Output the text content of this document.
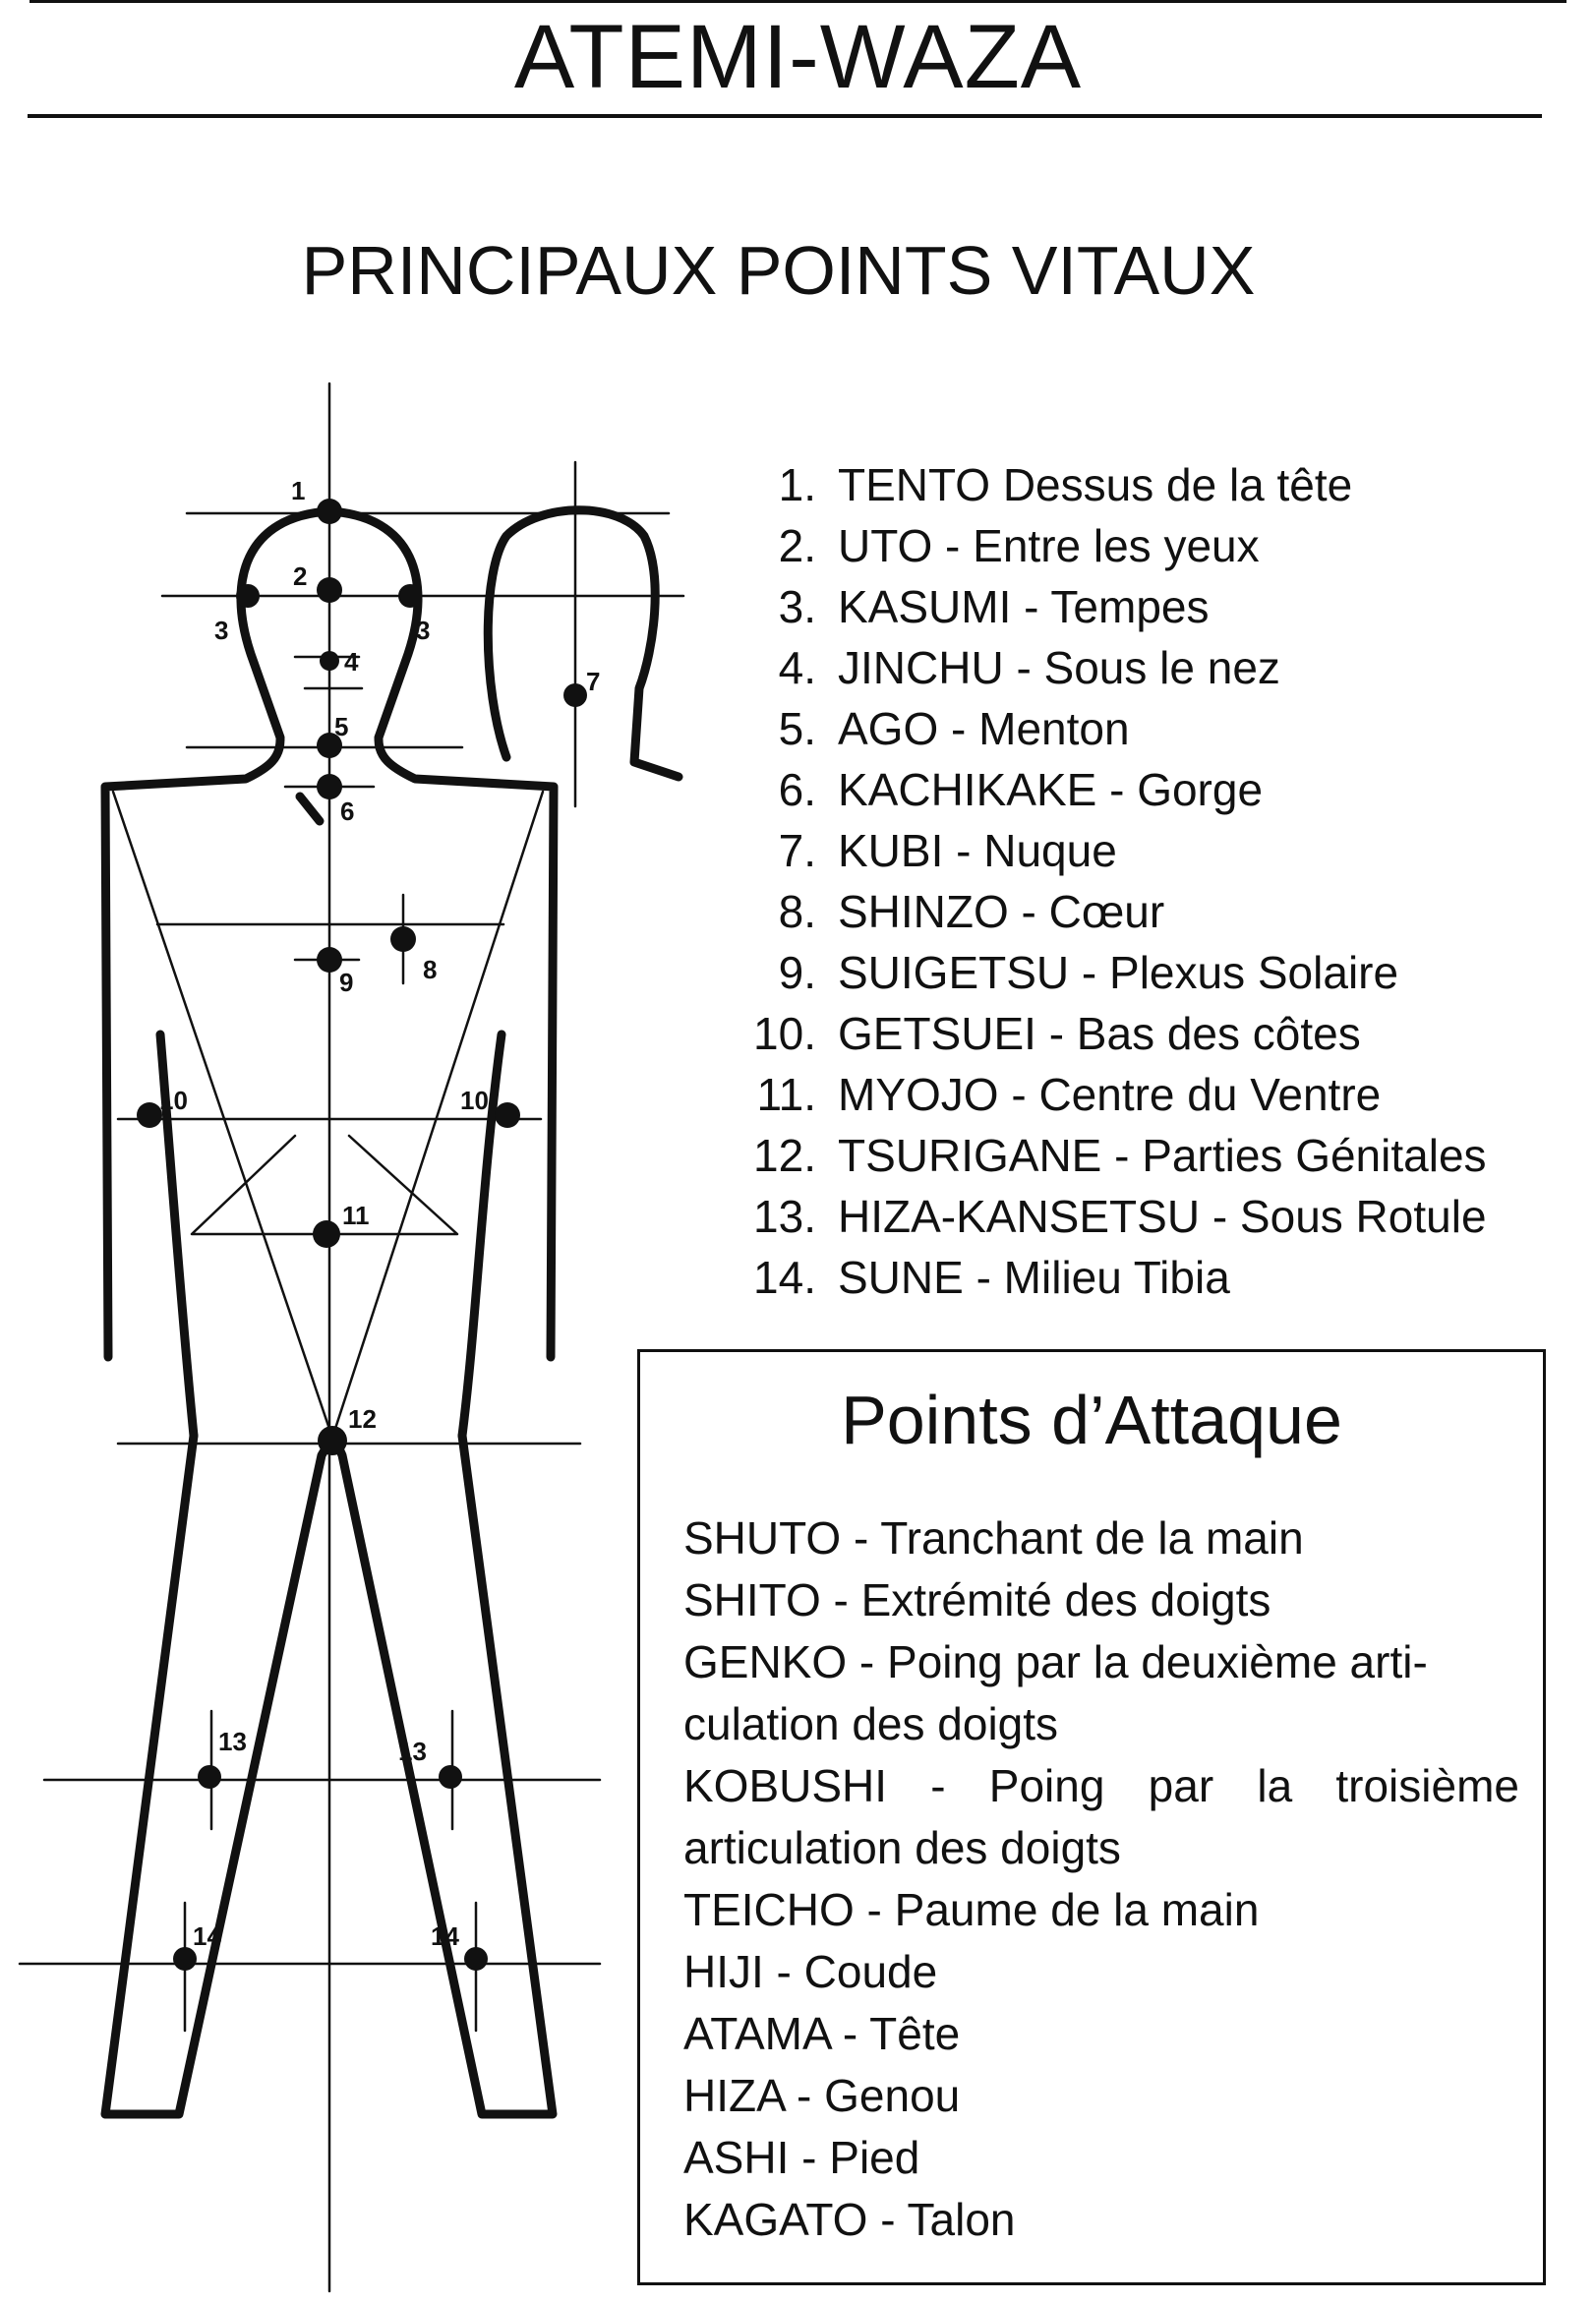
ATEMI-WAZA
PRINCIPAUX POINTS VITAUX
1
2
3	3
4
5
6
7
8
9
10	10
11
12
13	13
14	14
1. TENTO Dessus de la tête
2. UTO - Entre les yeux
3. KASUMI - Tempes
4. JINCHU - Sous le nez
5. AGO - Menton
6. KACHIKAKE - Gorge
7. KUBI - Nuque
8. SHINZO - Cœur
9. SUIGETSU - Plexus Solaire
10. GETSUEI - Bas des côtes
11. MYOJO - Centre du Ventre
12. TSURIGANE - Parties Génitales
13. HIZA-KANSETSU - Sous Rotule
14. SUNE - Milieu Tibia
Points d’Attaque
SHUTO - Tranchant de la main
SHITO - Extrémité des doigts
GENKO - Poing par la deuxième arti-
culation des doigts
KOBUSHI - Poing par la troisième
articulation des doigts
TEICHO - Paume de la main
HIJI - Coude
ATAMA - Tête
HIZA - Genou
ASHI - Pied
KAGATO - Talon
